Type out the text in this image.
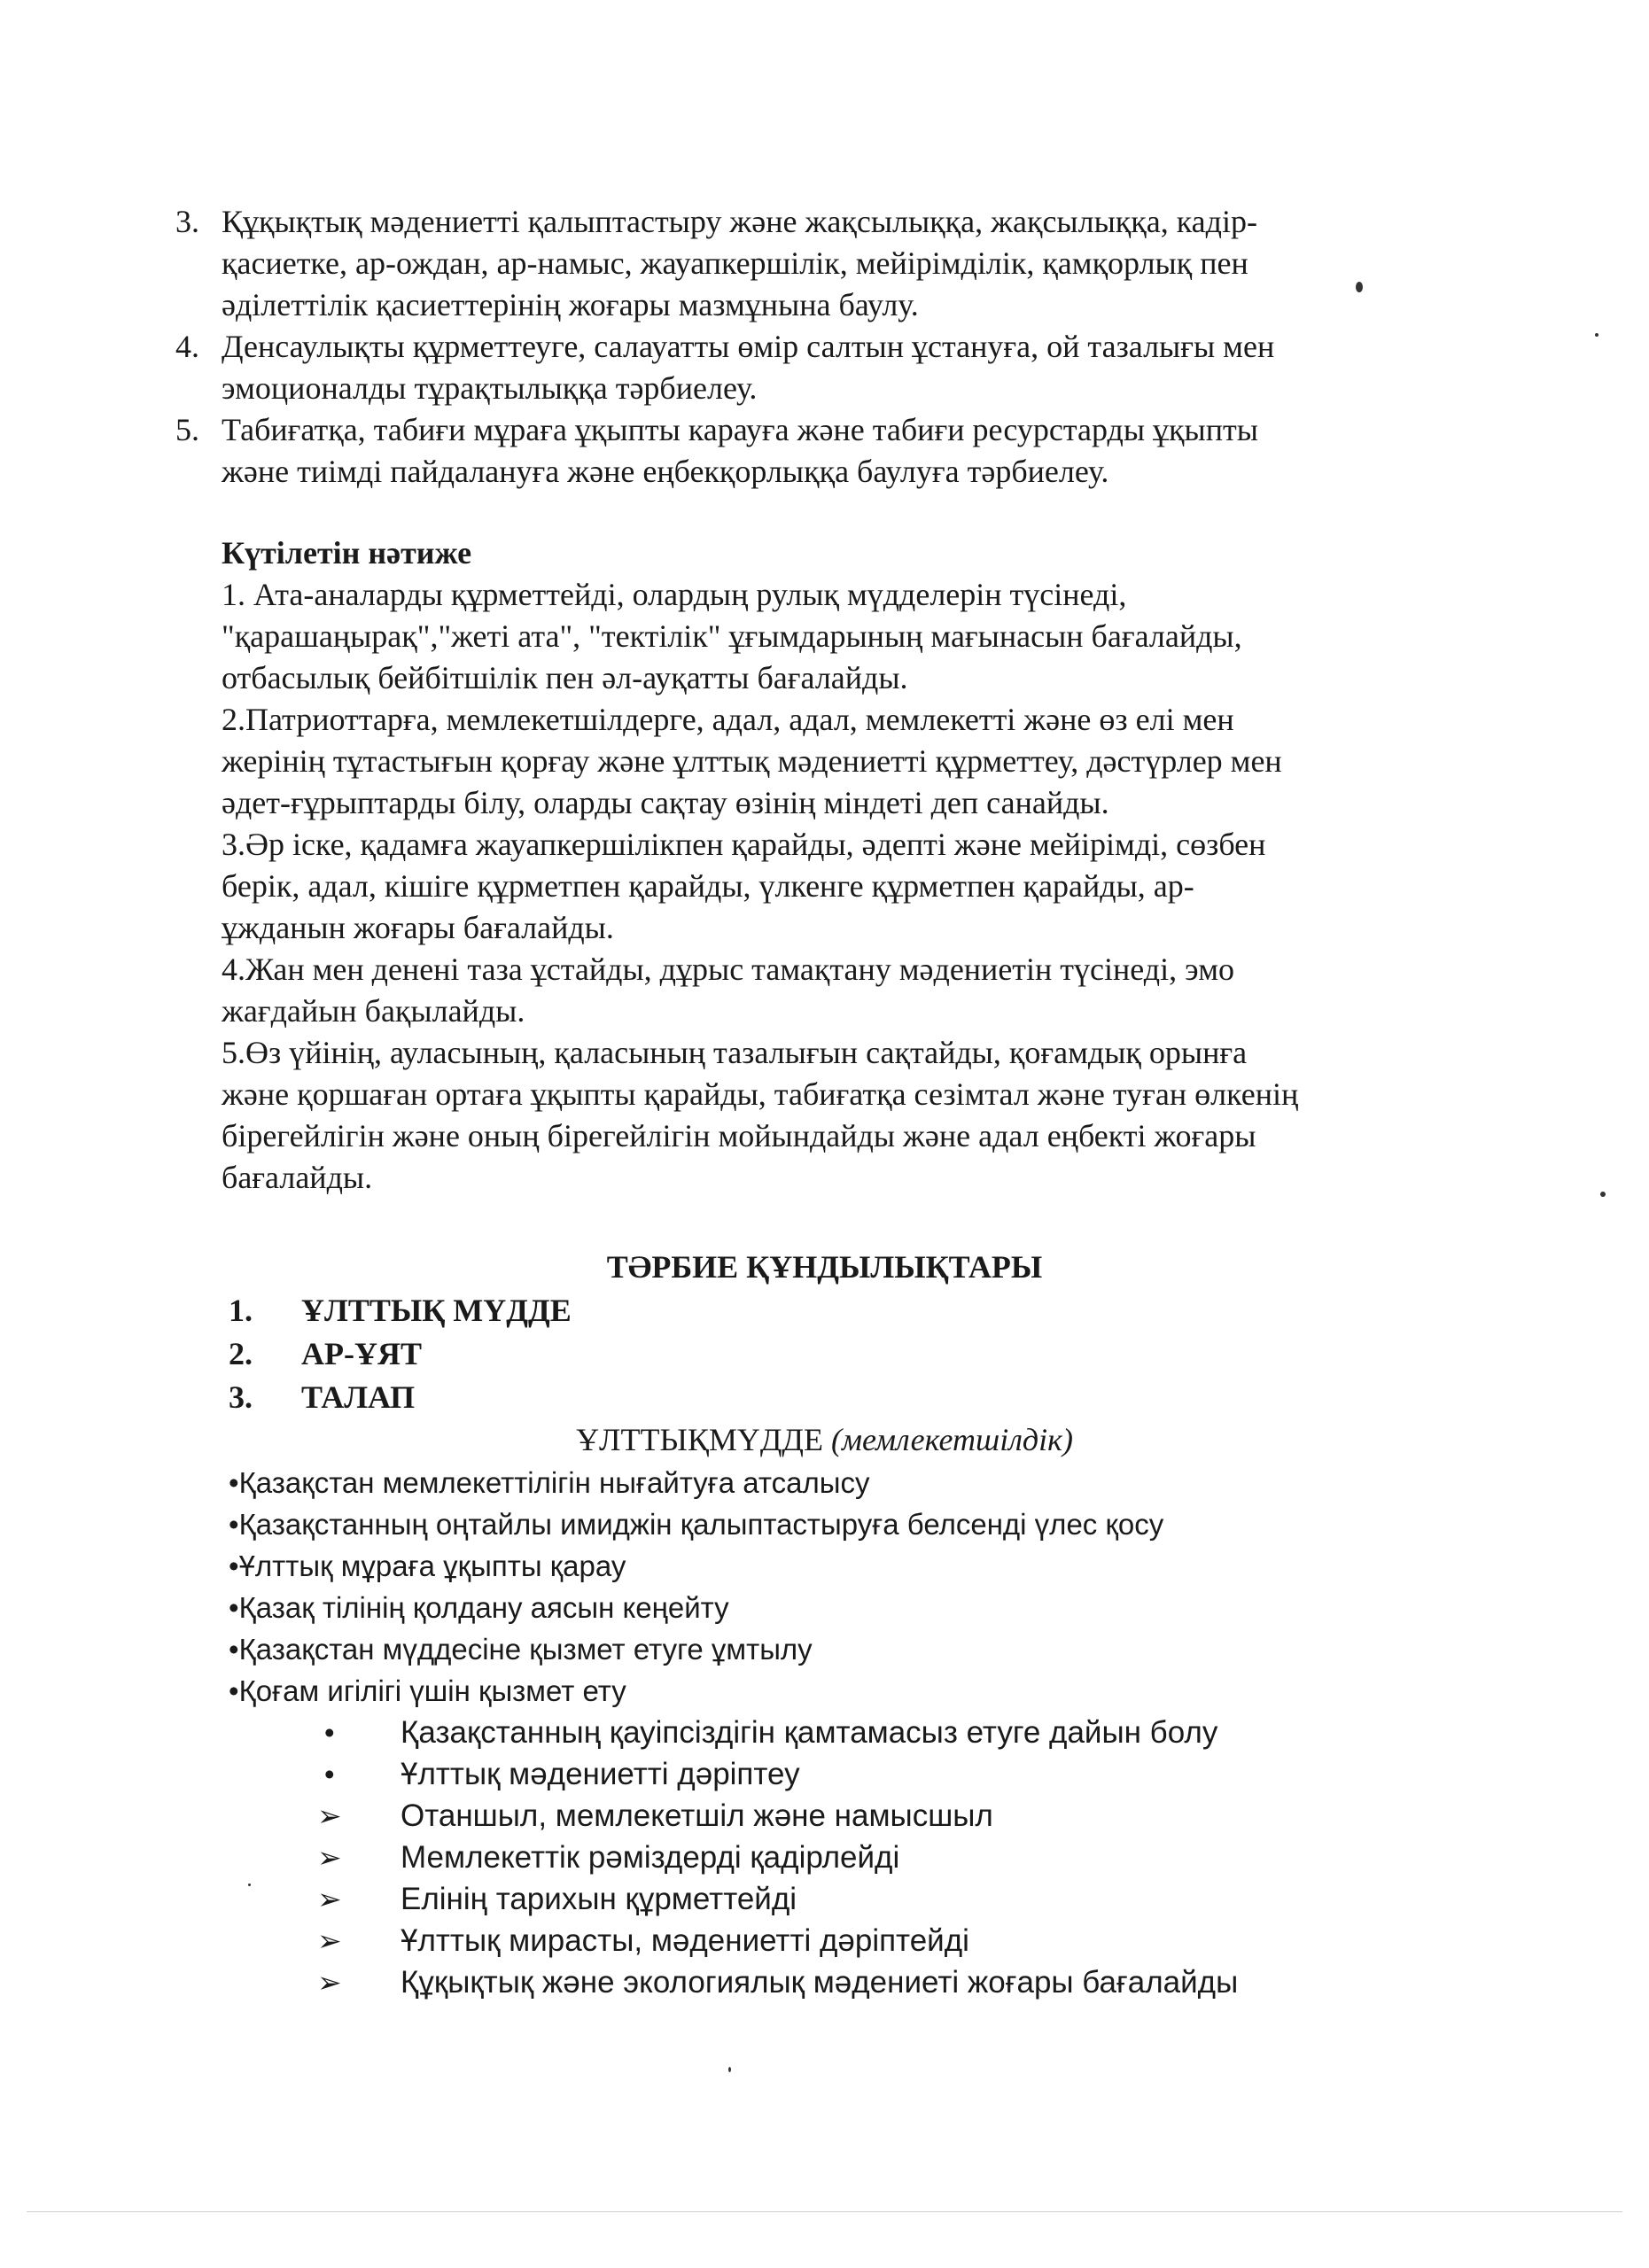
3. Құқықтық мәдениетті қалыптастыру және жақсылыққа, жақсылыққа, кадір-
қасиетке, ар-ождан, ар-намыс, жауапкершілік, мейірімділік, қамқорлық пен
әділеттілік қасиеттерінің жоғары мазмұнына баулу.
4. Денсаулықты құрметтеуге, салауатты өмір салтын ұстануға, ой тазалығы мен
эмоционалды тұрақтылыққа тәрбиелеу.
5. Табиғатқа, табиғи мұраға ұқыпты карауға және табиғи ресурстарды ұқыпты
және тиімді пайдалануға және еңбекқорлыққа баулуға тәрбиелеу.
Күтілетін нәтиже
1. Ата-аналарды құрметтейді, олардың рулық мүдделерін түсінеді,
"қарашаңырақ","жеті ата", "тектілік" ұғымдарының мағынасын бағалайды,
отбасылық бейбітшілік пен әл-ауқатты бағалайды.
2.Патриоттарға, мемлекетшілдерге, адал, адал, мемлекетті және өз елі мен
жерінің тұтастығын қорғау және ұлттық мәдениетті құрметтеу, дәстүрлер мен
әдет-ғұрыптарды білу, оларды сақтау өзінің міндеті деп санайды.
3.Әр іске, қадамға жауапкершілікпен қарайды, әдепті және мейірімді, сөзбен
берік, адал, кішіге құрметпен қарайды, үлкенге құрметпен қарайды, ар-
ұжданын жоғары бағалайды.
4.Жан мен денені таза ұстайды, дұрыс тамақтану мәдениетін түсінеді, эмо
жағдайын бақылайды.
5.Өз үйінің, ауласының, қаласының тазалығын сақтайды, қоғамдық орынға
және қоршаған ортаға ұқыпты қарайды, табиғатқа сезімтал және туған өлкенің
бірегейлігін және оның бірегейлігін мойындайды және адал еңбекті жоғары
бағалайды.
ТӘРБИЕ ҚҰНДЫЛЫҚТАРЫ
1. ҰЛТТЫҚ МҮДДЕ
2. АР-ҰЯТ
3. ТАЛАП
ҰЛТТЫҚМҮДДЕ (мемлекетшілдік)
•Қазақстан мемлекеттілігін нығайтуға атсалысу
•Қазақстанның оңтайлы имиджін қалыптастыруға белсенді үлес қосу
•Ұлттық мұраға ұқыпты қарау
•Қазақ тілінің қолдану аясын кеңейту
•Қазақстан мүддесіне қызмет етуге ұмтылу
•Қоғам игілігі үшін қызмет ету
• Қазақстанның қауіпсіздігін қамтамасыз етуге дайын болу
• Ұлттық мәдениетті дәріптеу
➢ Отаншыл, мемлекетшіл және намысшыл
➢ Мемлекеттік рәміздерді қадірлейді
➢ Елінің тарихын құрметтейді
➢ Ұлттық мирасты, мәдениетті дәріптейді
➢ Құқықтық және экологиялық мәдениеті жоғары бағалайды
